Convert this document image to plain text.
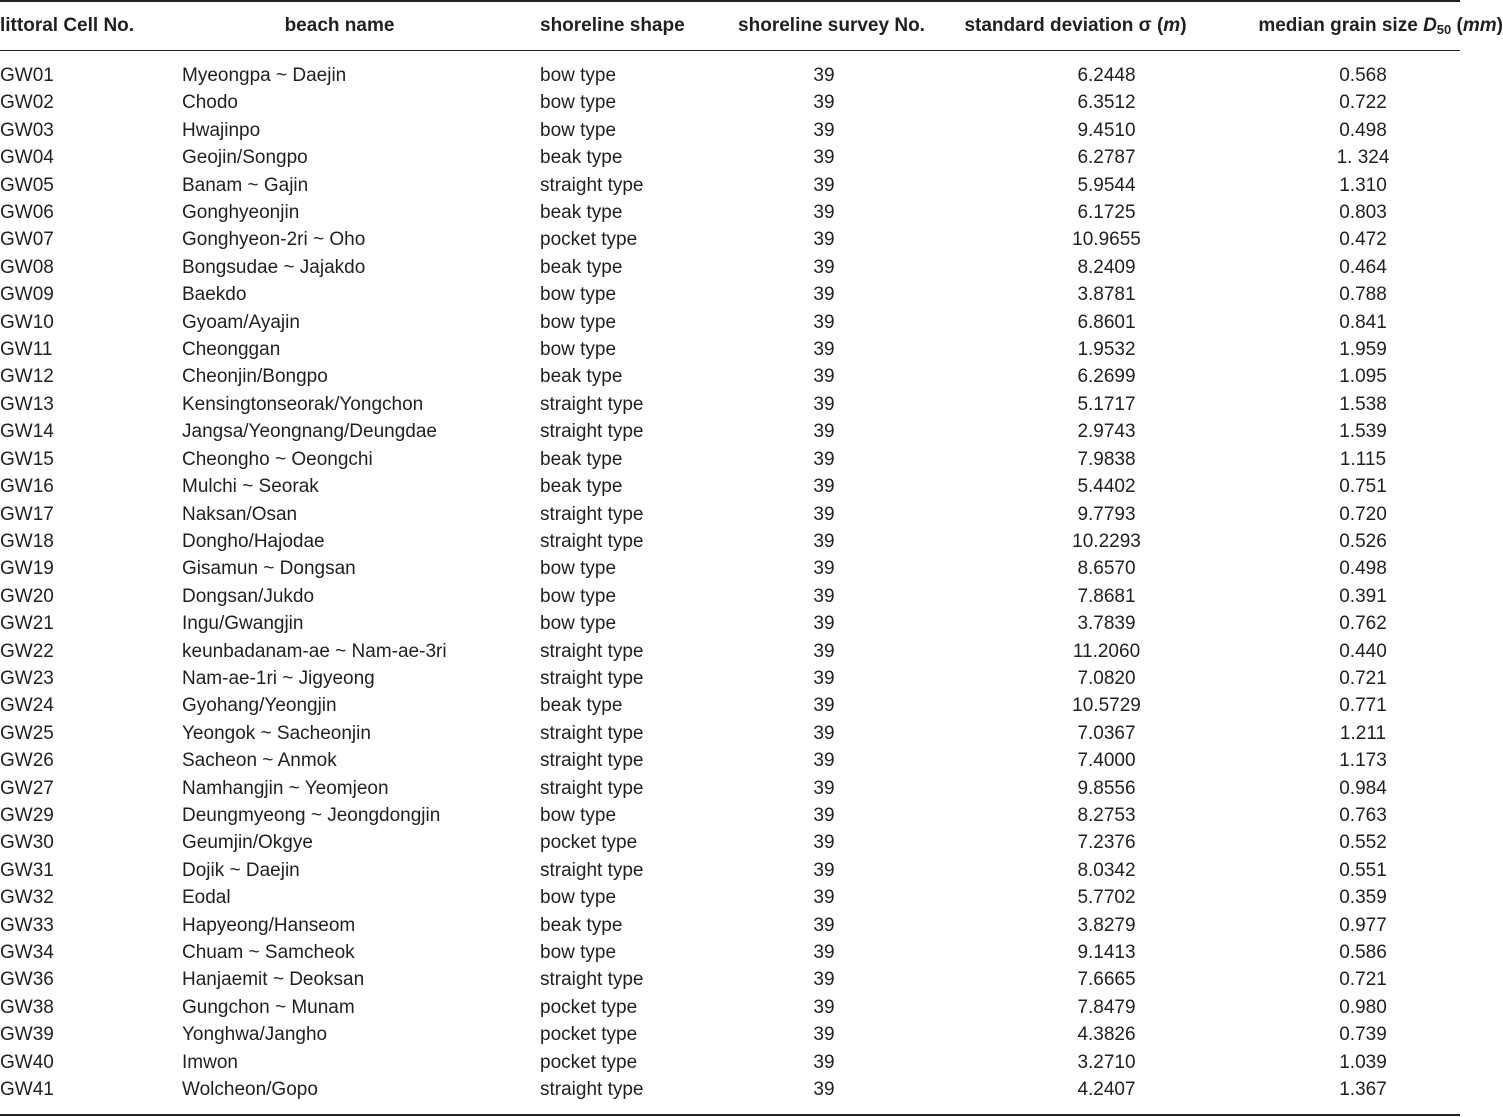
littoral Cell No.	beach name	shoreline shape	shoreline survey No.	standard deviation σ (m)	median grain size $D_{50}$ (mm)
GW01	Myeongpa ~ Daejin	bow type	39	6.2448	0.568
GW02	Chodo	bow type	39	6.3512	0.722
GW03	Hwajinpo	bow type	39	9.4510	0.498
GW04	Geojin/Songpo	beak type	39	6.2787	1. 324
GW05	Banam ~ Gajin	straight type	39	5.9544	1.310
GW06	Gonghyeonjin	beak type	39	6.1725	0.803
GW07	Gonghyeon-2ri ~ Oho	pocket type	39	10.9655	0.472
GW08	Bongsudae ~ Jajakdo	beak type	39	8.2409	0.464
GW09	Baekdo	bow type	39	3.8781	0.788
GW10	Gyoam/Ayajin	bow type	39	6.8601	0.841
GW11	Cheonggan	bow type	39	1.9532	1.959
GW12	Cheonjin/Bongpo	beak type	39	6.2699	1.095
GW13	Kensingtonseorak/Yongchon	straight type	39	5.1717	1.538
GW14	Jangsa/Yeongnang/Deungdae	straight type	39	2.9743	1.539
GW15	Cheongho ~ Oeongchi	beak type	39	7.9838	1.115
GW16	Mulchi ~ Seorak	beak type	39	5.4402	0.751
GW17	Naksan/Osan	straight type	39	9.7793	0.720
GW18	Dongho/Hajodae	straight type	39	10.2293	0.526
GW19	Gisamun ~ Dongsan	bow type	39	8.6570	0.498
GW20	Dongsan/Jukdo	bow type	39	7.8681	0.391
GW21	Ingu/Gwangjin	bow type	39	3.7839	0.762
GW22	keunbadanam-ae ~ Nam-ae-3ri	straight type	39	11.2060	0.440
GW23	Nam-ae-1ri ~ Jigyeong	straight type	39	7.0820	0.721
GW24	Gyohang/Yeongjin	beak type	39	10.5729	0.771
GW25	Yeongok ~ Sacheonjin	straight type	39	7.0367	1.211
GW26	Sacheon ~ Anmok	straight type	39	7.4000	1.173
GW27	Namhangjin ~ Yeomjeon	straight type	39	9.8556	0.984
GW29	Deungmyeong ~ Jeongdongjin	bow type	39	8.2753	0.763
GW30	Geumjin/Okgye	pocket type	39	7.2376	0.552
GW31	Dojik ~ Daejin	straight type	39	8.0342	0.551
GW32	Eodal	bow type	39	5.7702	0.359
GW33	Hapyeong/Hanseom	beak type	39	3.8279	0.977
GW34	Chuam ~ Samcheok	bow type	39	9.1413	0.586
GW36	Hanjaemit ~ Deoksan	straight type	39	7.6665	0.721
GW38	Gungchon ~ Munam	pocket type	39	7.8479	0.980
GW39	Yonghwa/Jangho	pocket type	39	4.3826	0.739
GW40	Imwon	pocket type	39	3.2710	1.039
GW41	Wolcheon/Gopo	straight type	39	4.2407	1.367
